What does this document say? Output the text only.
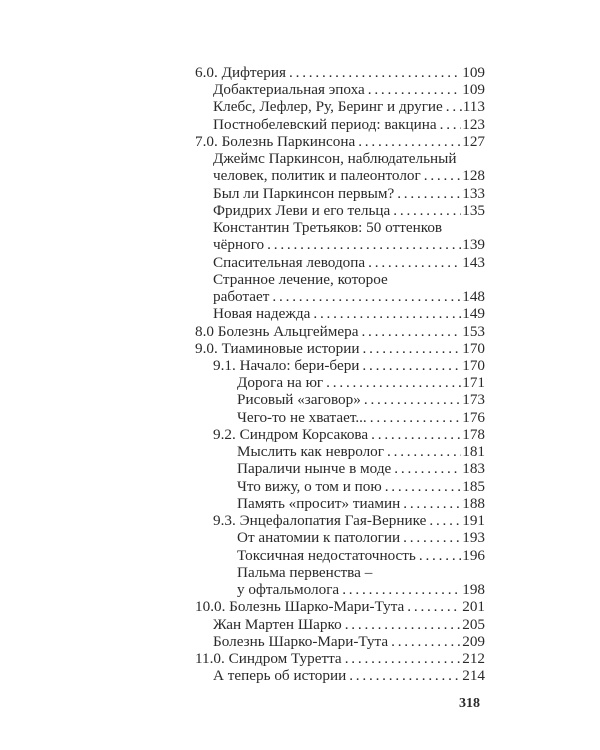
6.0. Дифтерия . . .	109
Добактериальная эпоха . . .	109
Клебс, Лефлер, Ру, Беринг и другие . . . 113
Постнобелевский период: вакцина . . . 123
7.0. Болезнь Паркинсона . . .	127
Джеймс Паркинсон, наблюдательный
человек, политик и палеонтолог . . .	128
Был ли Паркинсон первым? . . .	133
Фридрих Леви и его тельца . . .	135
Константин Третьяков: 50 оттенков
чёрного . . .	139
Спасительная леводопа . . .	143
Странное лечение, которое
работает . . .	148
Новая надежда . . .	149
8.0 Болезнь Альцгеймера . . .	153
9.0. Тиаминовые истории . . .	170
9.1. Начало: бери-бери . . .	170
Дорога на юг . . .	171
Рисовый «заговор» . . .	173
Чего-то не хватает... . . .	176
9.2. Синдром Корсакова . . .	178
Мыслить как невролог . . .	181
Параличи нынче в моде . . .	183
Что вижу, о том и пою . . .	185
Память «просит» тиамин . . .	188
9.3. Энцефалопатия Гая-Вернике . . . 191
От анатомии к патологии . . .	193
Токсичная недостаточность . . .	196
Пальма первенства –
у офтальмолога . . .	198
10.0. Болезнь Шарко-Мари-Тута . . .	201
Жан Мартен Шарко . . .	205
Болезнь Шарко-Мари-Тута . . .	209
11.0. Синдром Туретта . . .	212
А теперь об истории . . .	214
318
